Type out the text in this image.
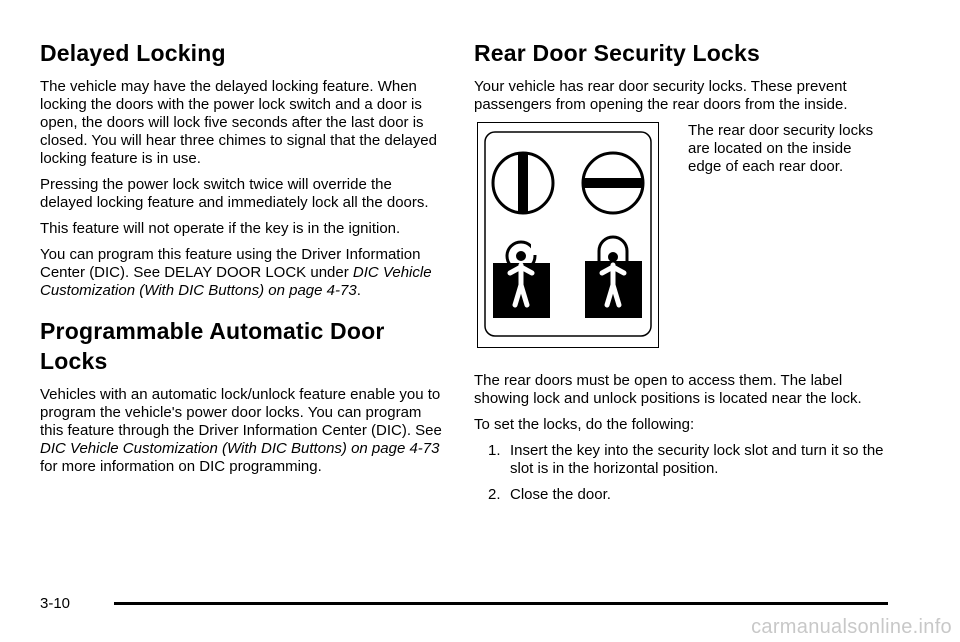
Delayed Locking

The vehicle may have the delayed locking feature. When locking the doors with the power lock switch and a door is open, the doors will lock five seconds after the last door is closed. You will hear three chimes to signal that the delayed locking feature is in use.

Pressing the power lock switch twice will override the delayed locking feature and immediately lock all the doors.

This feature will not operate if the key is in the ignition.

You can program this feature using the Driver Information Center (DIC). See DELAY DOOR LOCK under DIC Vehicle Customization (With DIC Buttons) on page 4-73.

Programmable Automatic Door
Locks

Vehicles with an automatic lock/unlock feature enable you to program the vehicle's power door locks. You can program this feature through the Driver Information Center (DIC). See DIC Vehicle Customization (With DIC Buttons) on page 4-73 for more information on DIC programming.

Rear Door Security Locks

Your vehicle has rear door security locks. These prevent passengers from opening the rear doors from the inside.

The rear door security locks are located on the inside edge of each rear door.

The rear doors must be open to access them. The label showing lock and unlock positions is located near the lock.

To set the locks, do the following:

1. Insert the key into the security lock slot and turn it so the slot is in the horizontal position.
2. Close the door.
3-10
carmanualsonline.info
